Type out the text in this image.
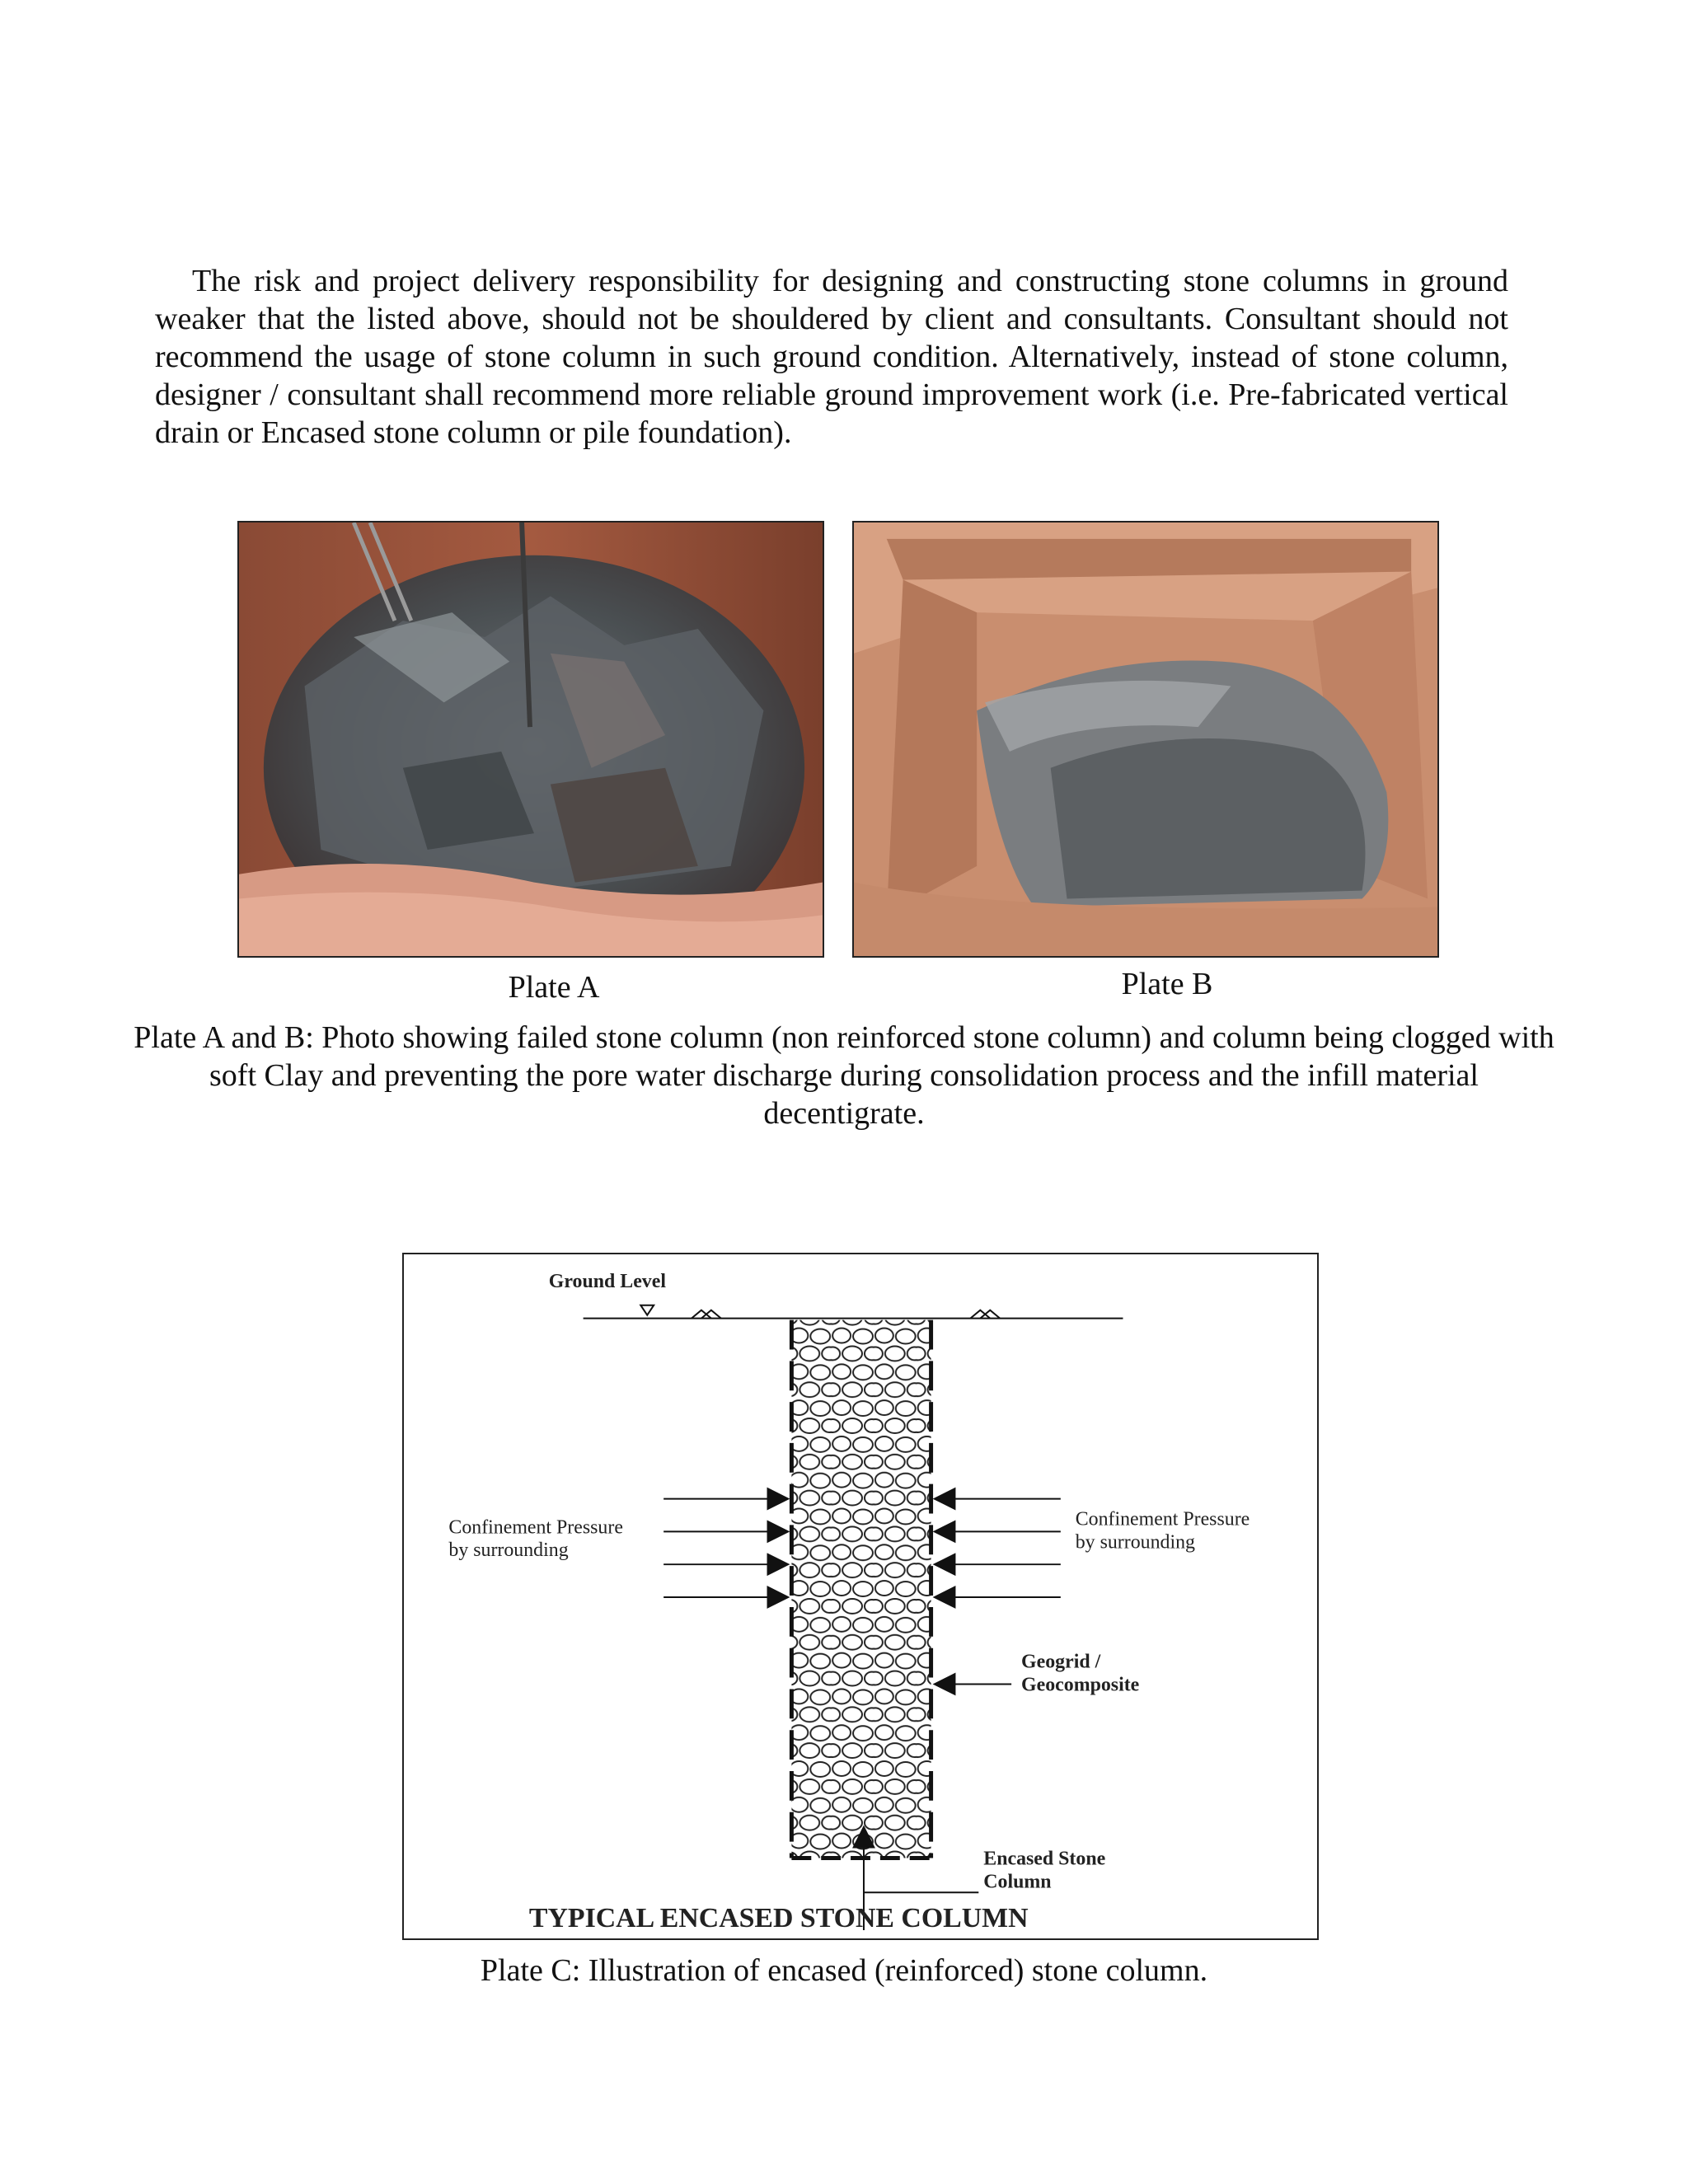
The risk and project delivery responsibility for designing and constructing stone columns in ground weaker that the listed above, should not be shouldered by client and consultants. Consultant should not recommend the usage of stone column in such ground condition. Alternatively, instead of stone column, designer / consultant shall recommend more reliable ground improvement work (i.e. Pre-fabricated vertical drain or Encased stone column or pile foundation).

Plate A	Plate B

Plate A and B: Photo showing failed stone column (non reinforced stone column) and column being clogged with soft Clay and preventing the pore water discharge during consolidation process and the infill material decentigrate.

Ground Level
Confinement Pressure
by surrounding
Confinement Pressure
by surrounding
Geogrid /
Geocomposite
Encased Stone
Column
TYPICAL ENCASED STONE COLUMN

Plate C: Illustration of encased (reinforced) stone column.
